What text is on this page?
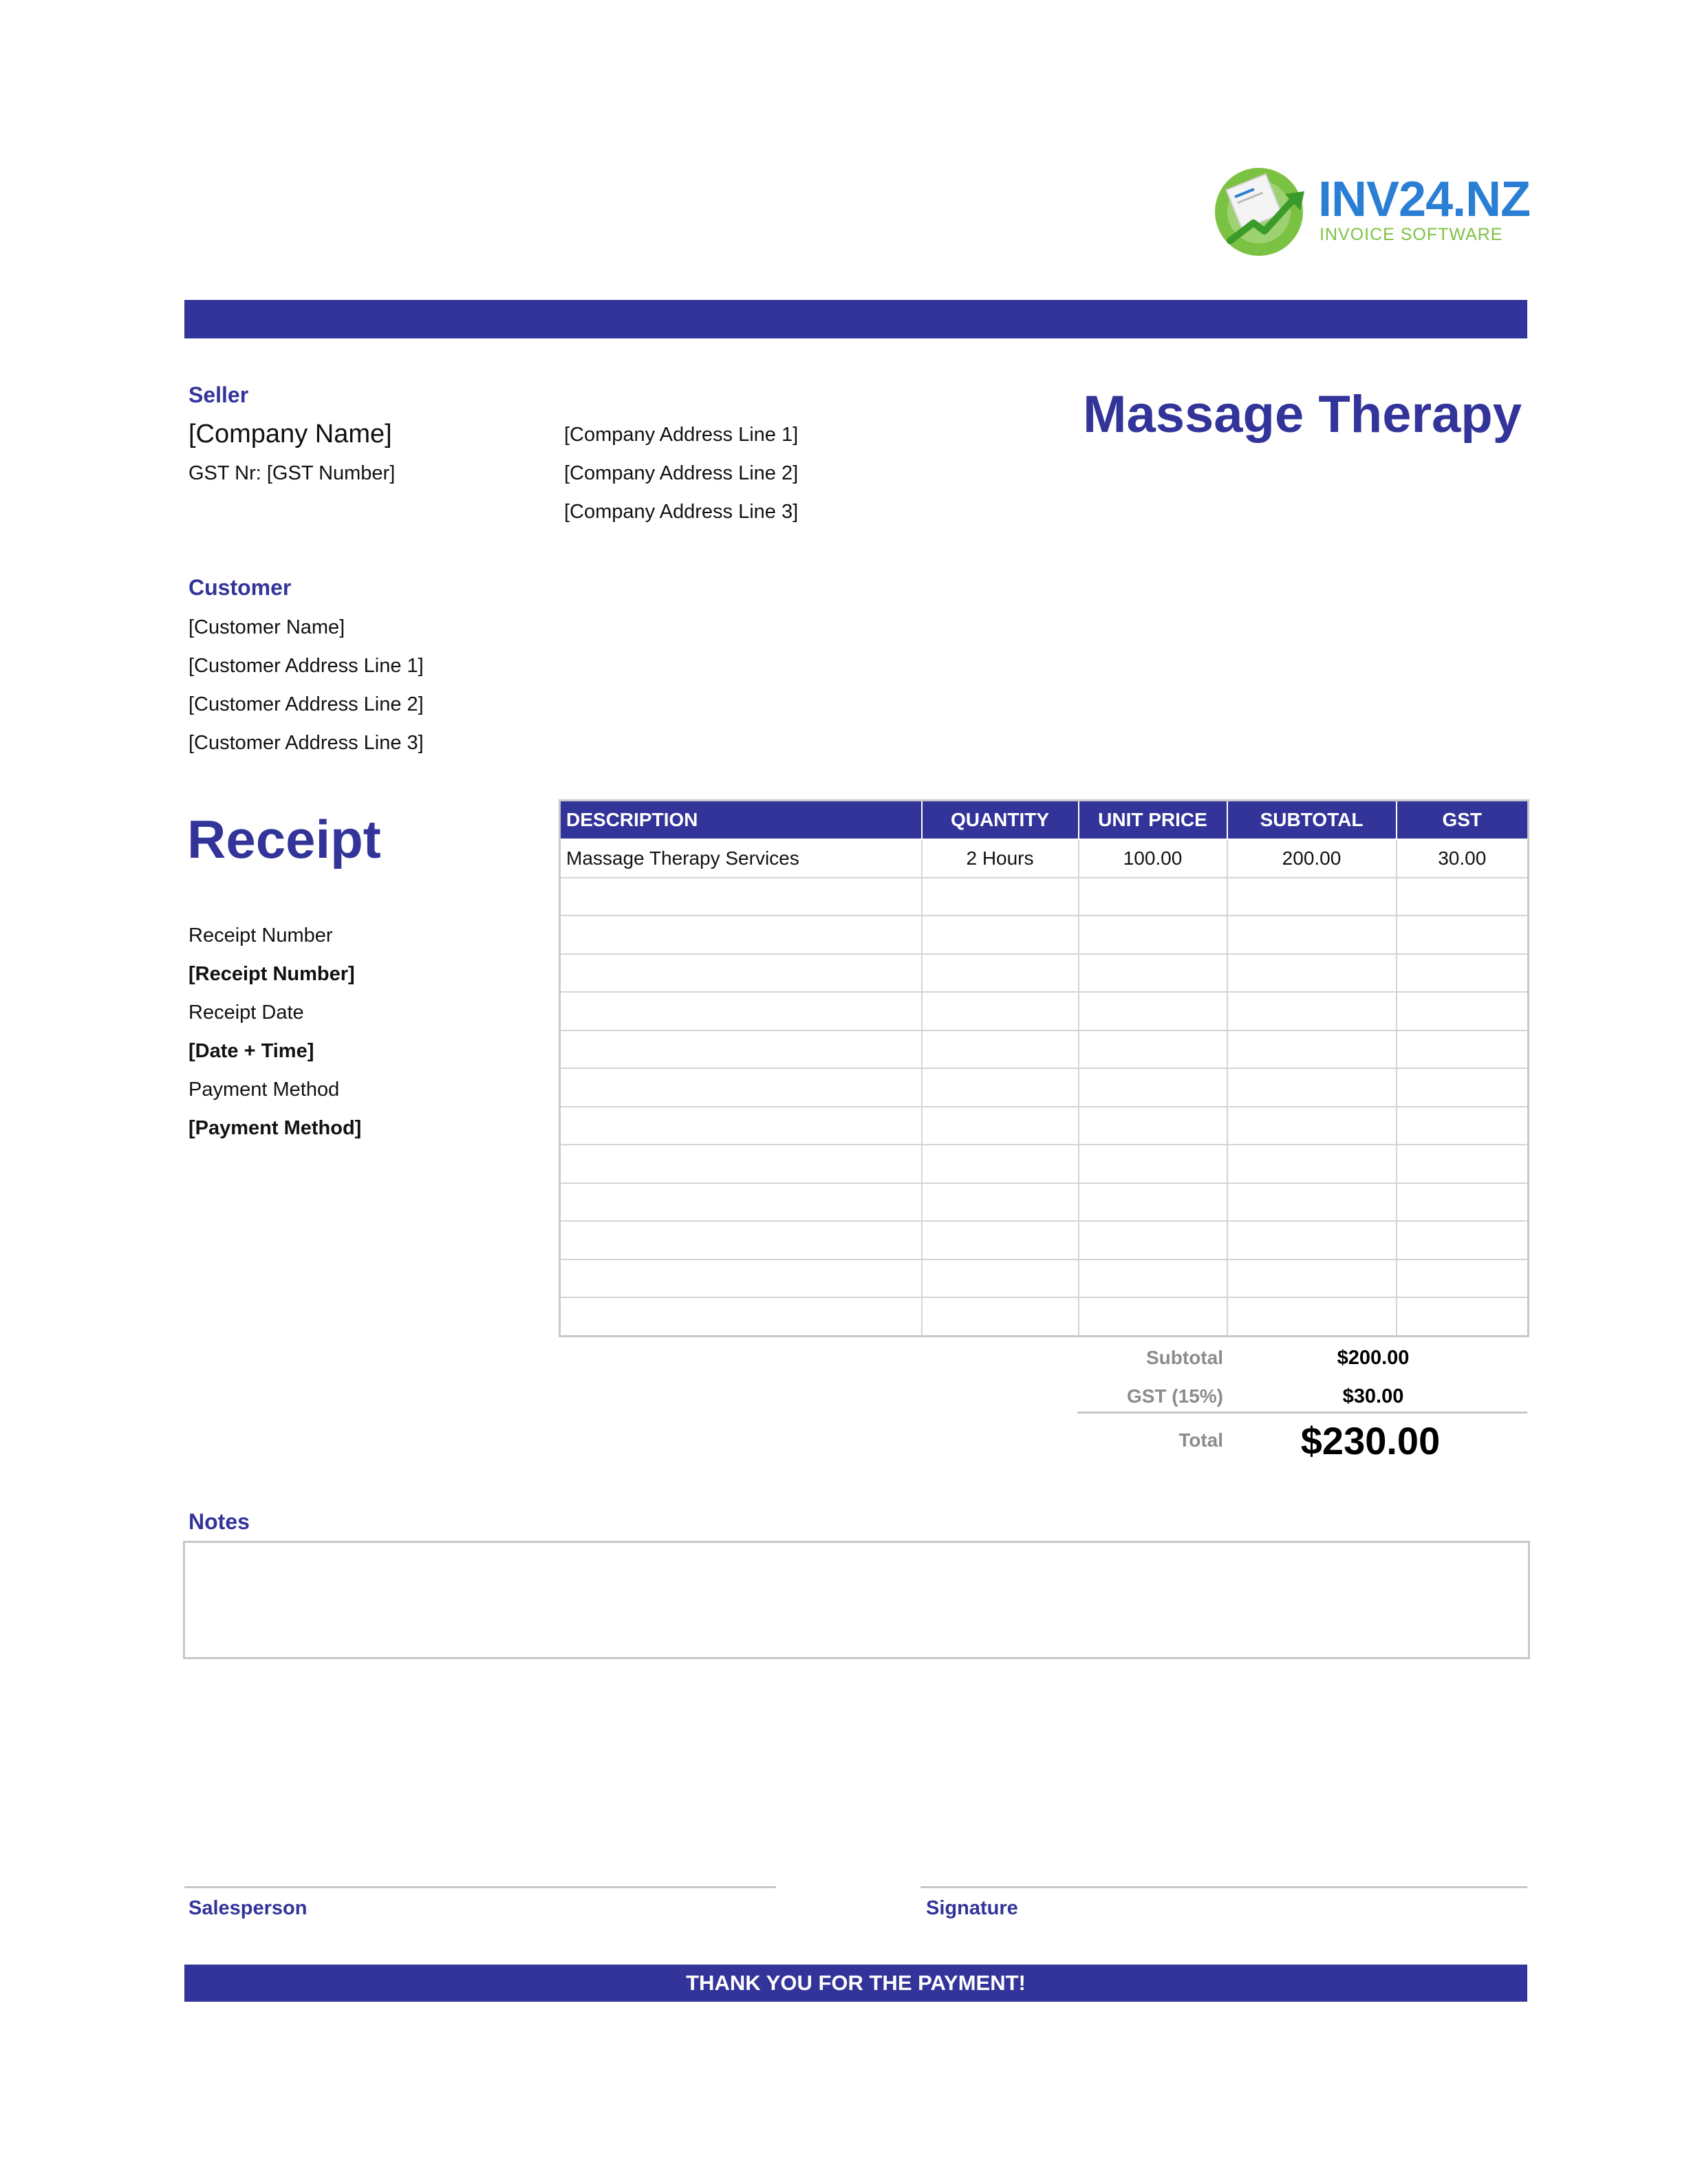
INV24.NZ
INVOICE SOFTWARE
Seller
[Company Name]
GST Nr: [GST Number]
[Company Address Line 1]
[Company Address Line 2]
[Company Address Line 3]
Massage Therapy
Customer
[Customer Name]
[Customer Address Line 1]
[Customer Address Line 2]
[Customer Address Line 3]
Receipt
Receipt Number
[Receipt Number]
Receipt Date
[Date + Time]
Payment Method
[Payment Method]
DESCRIPTION	QUANTITY	UNIT PRICE	SUBTOTAL	GST
Massage Therapy Services	2 Hours	100.00	200.00	30.00

Subtotal	$200.00
GST (15%)	$30.00
Total	$230.00
Notes
Salesperson	Signature
THANK YOU FOR THE PAYMENT!
